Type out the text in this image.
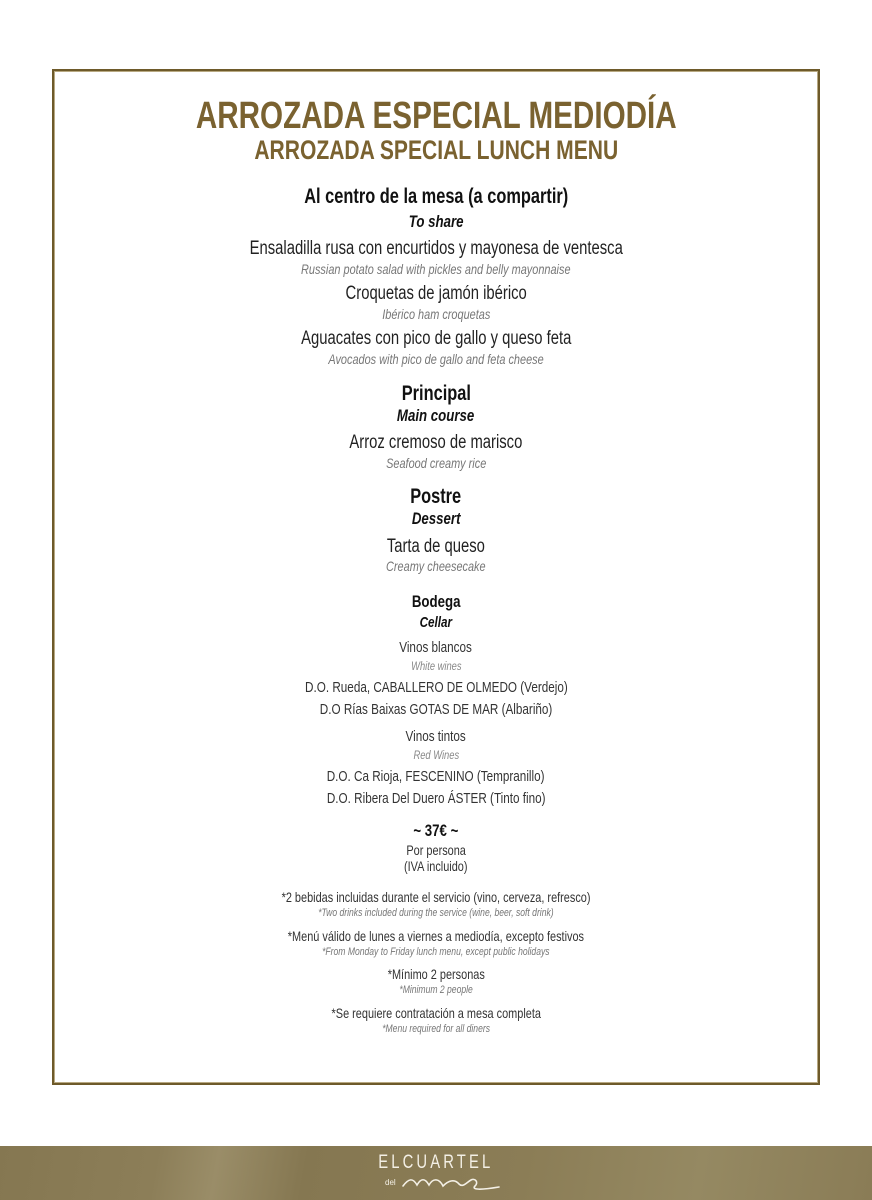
ARROZADA ESPECIAL MEDIODÍA
ARROZADA SPECIAL LUNCH MENU
Al centro de la mesa (a compartir)
To share
Ensaladilla rusa con encurtidos y mayonesa de ventesca
Russian potato salad with pickles and belly mayonnaise
Croquetas de jamón ibérico
Ibérico ham croquetas
Aguacates con pico de gallo y queso feta
Avocados with pico de gallo and feta cheese
Principal
Main course
Arroz cremoso de marisco
Seafood creamy rice
Postre
Dessert
Tarta de queso
Creamy cheesecake
Bodega
Cellar
Vinos blancos
White wines
D.O. Rueda, CABALLERO DE OLMEDO (Verdejo)
D.O Rías Baixas GOTAS DE MAR (Albariño)
Vinos tintos
Red Wines
D.O. Ca Rioja, FESCENINO (Tempranillo)
D.O. Ribera Del Duero ÁSTER (Tinto fino)
~ 37€ ~
Por persona
(IVA incluido)
*2 bebidas incluidas durante el servicio (vino, cerveza, refresco)
*Two drinks included during the service (wine, beer, soft drink)
*Menú válido de lunes a viernes a mediodía, excepto festivos
*From Monday to Friday lunch menu, except public holidays
*Mínimo 2 personas
*Minimum 2 people
*Se requiere contratación a mesa completa
*Menu required for all diners
ELCUARTEL
del
